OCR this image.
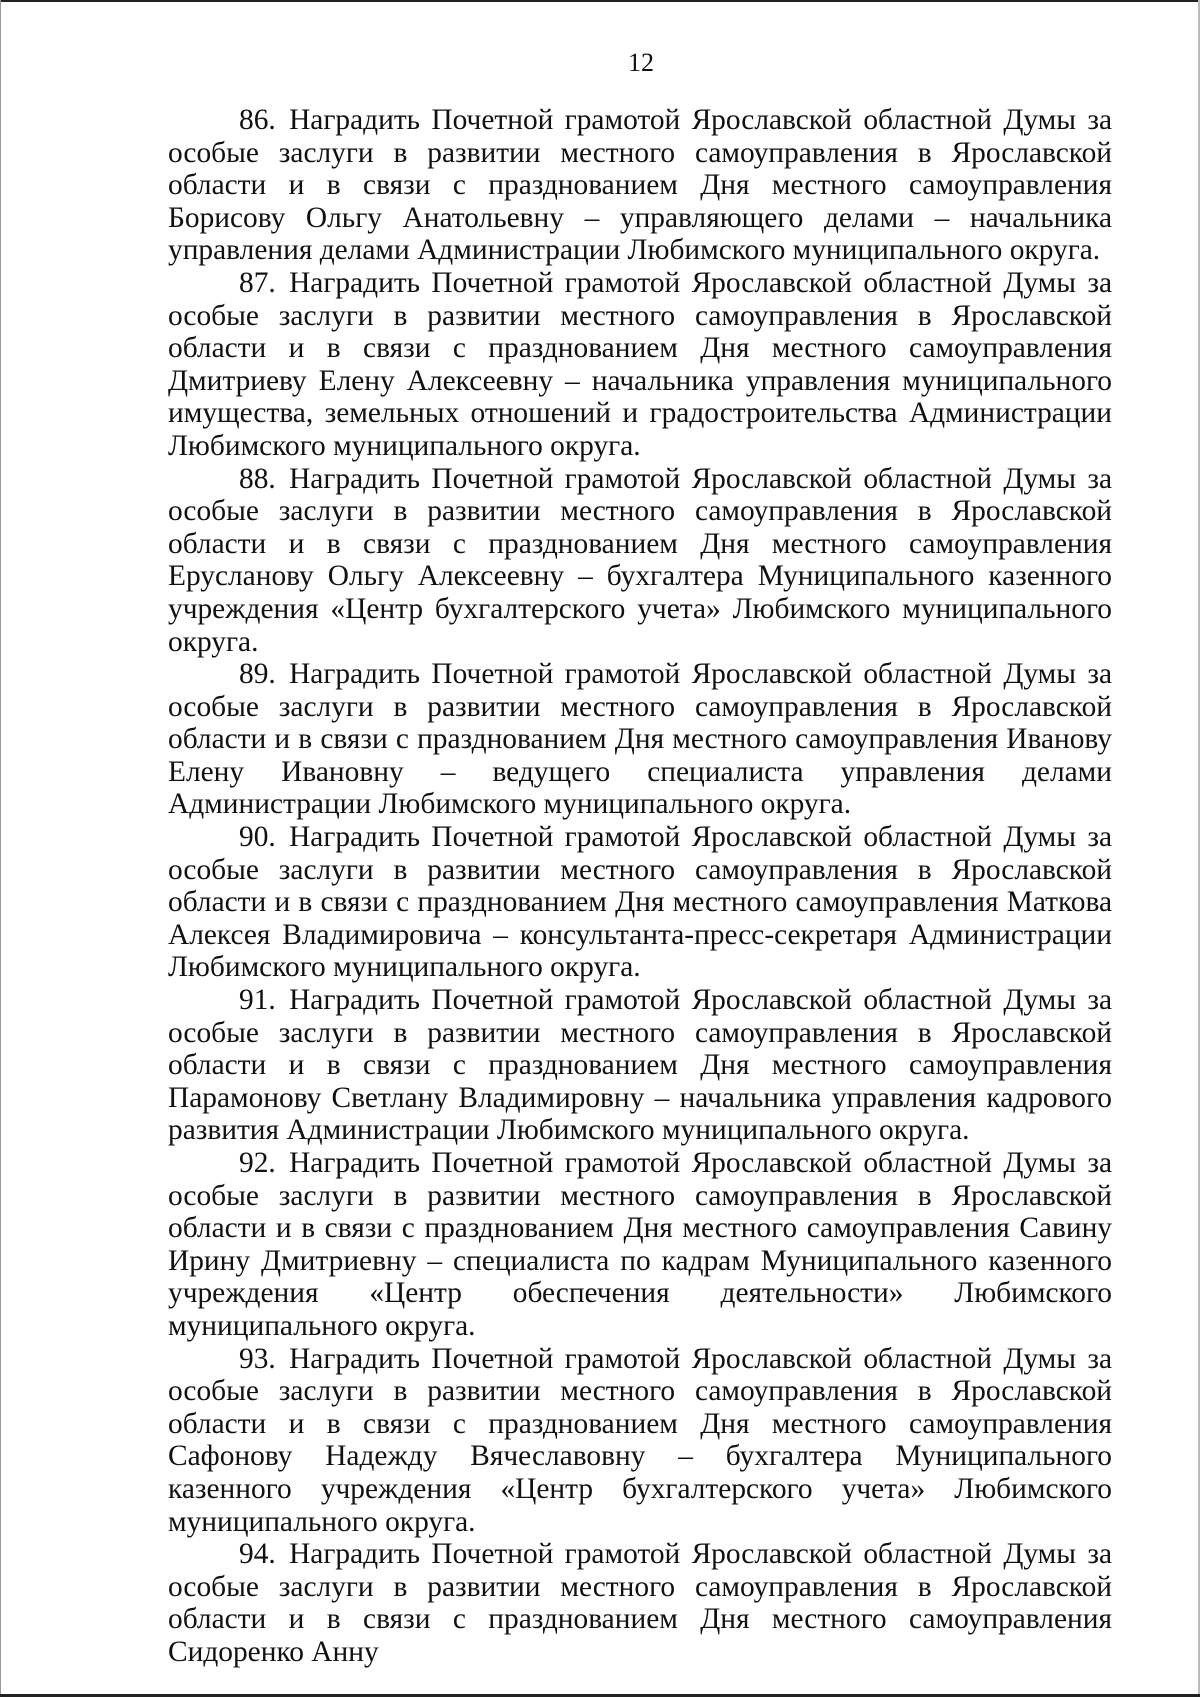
12

86. Наградить Почетной грамотой Ярославской областной Думы за особые заслуги в развитии местного самоуправления в Ярославской области и в связи с празднованием Дня местного самоуправления Борисову Ольгу Анатольевну – управляющего делами – начальника управления делами Администрации Любимского муниципального округа.

87. Наградить Почетной грамотой Ярославской областной Думы за особые заслуги в развитии местного самоуправления в Ярославской области и в связи с празднованием Дня местного самоуправления Дмитриеву Елену Алексеевну – начальника управления муниципального имущества, земельных отношений и градостроительства Администрации Любимского муниципального округа.

88. Наградить Почетной грамотой Ярославской областной Думы за особые заслуги в развитии местного самоуправления в Ярославской области и в связи с празднованием Дня местного самоуправления Еруcланову Ольгу Алексеевну – бухгалтера Муниципального казенного учреждения «Центр бухгалтерского учета» Любимского муниципального округа.

89. Наградить Почетной грамотой Ярославской областной Думы за особые заслуги в развитии местного самоуправления в Ярославской области и в связи с празднованием Дня местного самоуправления Иванову Елену Ивановну – ведущего специалиста управления делами Администрации Любимского муниципального округа.

90. Наградить Почетной грамотой Ярославской областной Думы за особые заслуги в развитии местного самоуправления в Ярославской области и в связи с празднованием Дня местного самоуправления Маткова Алексея Владимировича – консультанта-пресс-секретаря Администрации Любимского муниципального округа.

91. Наградить Почетной грамотой Ярославской областной Думы за особые заслуги в развитии местного самоуправления в Ярославской области и в связи с празднованием Дня местного самоуправления Парамонову Светлану Владимировну – начальника управления кадрового развития Администрации Любимского муниципального округа.

92. Наградить Почетной грамотой Ярославской областной Думы за особые заслуги в развитии местного самоуправления в Ярославской области и в связи с празднованием Дня местного самоуправления Савину Ирину Дмитриевну – специалиста по кадрам Муниципального казенного учреждения «Центр обеспечения деятельности» Любимского муниципального округа.

93. Наградить Почетной грамотой Ярославской областной Думы за особые заслуги в развитии местного самоуправления в Ярославской области и в связи с празднованием Дня местного самоуправления Сафонову Надежду Вячеславовну – бухгалтера Муниципального казенного учреждения «Центр бухгалтерского учета» Любимского муниципального округа.

94. Наградить Почетной грамотой Ярославской областной Думы за особые заслуги в развитии местного самоуправления в Ярославской области и в связи с празднованием Дня местного самоуправления Сидоренко Анну
